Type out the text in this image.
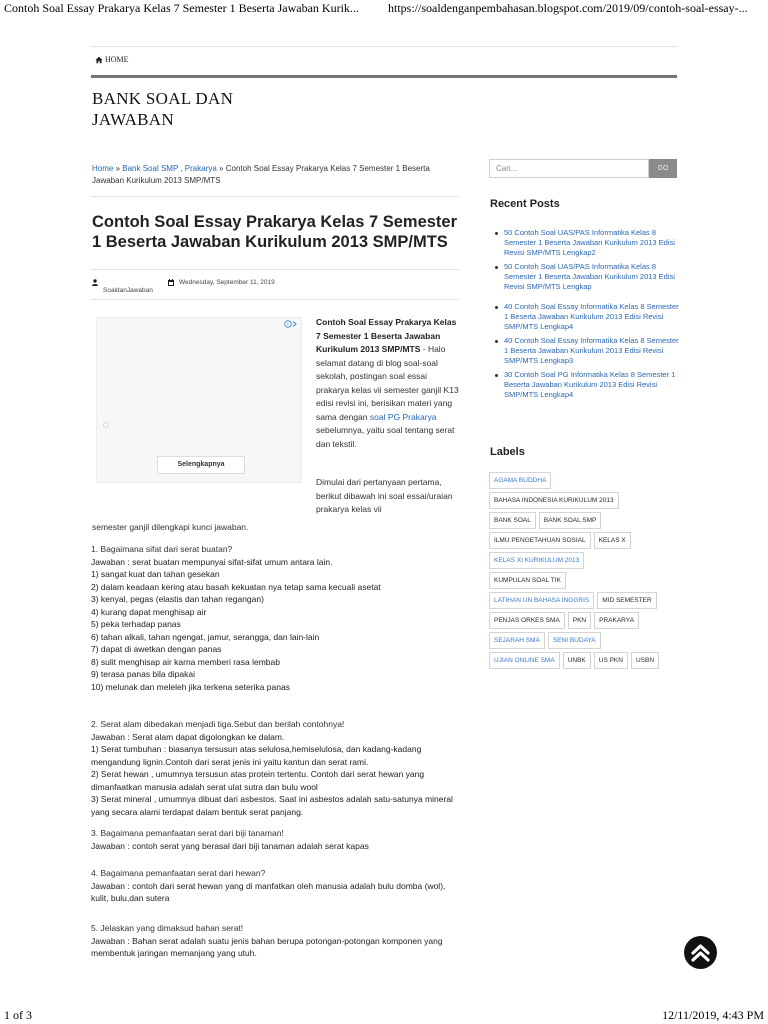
Contoh Soal Essay Prakarya Kelas 7 Semester 1 Beserta Jawaban Kurik... https://soaldenganpembahasan.blogspot.com/2019/09/contoh-soal-essay-...
HOME
BANK SOAL DAN
JAWABAN
Home » Bank Soal SMP , Prakarya » Contoh Soal Essay Prakarya Kelas 7 Semester 1 Beserta Jawaban Kurikulum 2013 SMP/MTS
Contoh Soal Essay Prakarya Kelas 7 Semester 1 Beserta Jawaban Kurikulum 2013 SMP/MTS
SoaldanJawaban
Wednesday, September 11, 2019
i
Selengkapnya
Contoh Soal Essay Prakarya Kelas 7 Semester 1 Beserta Jawaban Kurikulum 2013 SMP/MTS - Halo selamat datang di blog soal-soal sekolah, postingan soal essai prakarya kelas vii semester ganjil K13 edisi revisi ini, berisikan materi yang sama dengan soal PG Prakarya sebelumnya, yaitu soal tentang serat dan tekstil.
Dimulai dari pertanyaan pertama, berikut dibawah ini soal essai/uraian prakarya kelas vii
semester ganjil dilengkapi kunci jawaban.
1. Bagaimana sifat dari serat buatan?
Jawaban : serat buatan mempunyai sifat-sifat umum antara lain.
1) sangat kuat dan tahan gesekan
2) dalam keadaan kering atau basah kekuatan nya tetap sama kecuali asetat
3) kenyal, pegas (elastis dan tahan regangan)
4) kurang dapat menghisap air
5) peka terhadap panas
6) tahan alkali, tahan ngengat, jamur, serangga, dan lain-lain
7) dapat di awetkan dengan panas
8) sulit menghisap air karna memberi rasa lembab
9) terasa panas bila dipakai
10) melunak dan meleleh jika terkena seterika panas
2. Serat alam dibedakan menjadi tiga.Sebut dan berilah contohnya!
Jawaban : Serat alam dapat digolongkan ke dalam.
1) Serat tumbuhan : biasanya tersusun atas selulosa,hemiselulosa, dan kadang-kadang mengandung lignin.Contoh dari serat jenis ini yaitu kantun dan serat rami.
2) Serat hewan , umumnya tersusun atas protein tertentu. Contoh dari serat hewan yang dimanfaatkan manusia adalah serat ulat sutra dan bulu wool
3) Serat mineral , umumnya dibuat dari asbestos. Saat ini asbestos adalah satu-satunya mineral yang secara alami terdapat dalam bentuk serat panjang.
3. Bagaimana pemanfaatan serat dari biji tanaman!
Jawaban : contoh serat yang berasal dari biji tanaman adalah serat kapas
4. Bagaimana pemanfaatan serat dari hewan?
Jawaban : contoh dari serat hewan yang di manfatkan oleh manusia adalah bulu domba (wol), kulit, bulu,dan sutera
5. Jelaskan yang dimaksud bahan serat!
Jawaban : Bahan serat adalah suatu jenis bahan berupa potongan-potongan komponen yang membentuk jaringan memanjang yang utuh.
Cari...	GO
Recent Posts
50 Contoh Soal UAS/PAS Informatika Kelas 8 Semester 1 Beserta Jawaban Kurikulum 2013 Edisi Revisi SMP/MTS Lengkap2
50 Contoh Soal UAS/PAS Informatika Kelas 8 Semester 1 Beserta Jawaban Kurikulum 2013 Edisi Revisi SMP/MTS Lengkap
40 Contoh Soal Essay Informatika Kelas 8 Semester 1 Beserta Jawaban Kurikulum 2013 Edisi Revisi SMP/MTS Lengkap4
40 Contoh Soal Essay Informatika Kelas 8 Semester 1 Beserta Jawaban Kurikulum 2013 Edisi Revisi SMP/MTS Lengkap3
30 Contoh Soal PG Informatika Kelas 8 Semester 1 Beserta Jawaban Kurikulum 2013 Edisi Revisi SMP/MTS Lengkap4
Labels
AGAMA BUDDHA
BAHASA INDONESIA KURIKULUM 2013
BANK SOAL	BANK SOAL SMP
ILMU PENGETAHUAN SOSIAL	KELAS X
KELAS XI KURIKULUM 2013
KUMPULAN SOAL TIK
LATIHAN UN BAHASA INGGRIS	MID SEMESTER
PENJAS ORKES SMA	PKN	PRAKARYA
SEJARAH SMA	SENI BUDAYA
UJIAN ONLINE SMA	UNBK	US PKN	USBN
1 of 3	12/11/2019, 4:43 PM
